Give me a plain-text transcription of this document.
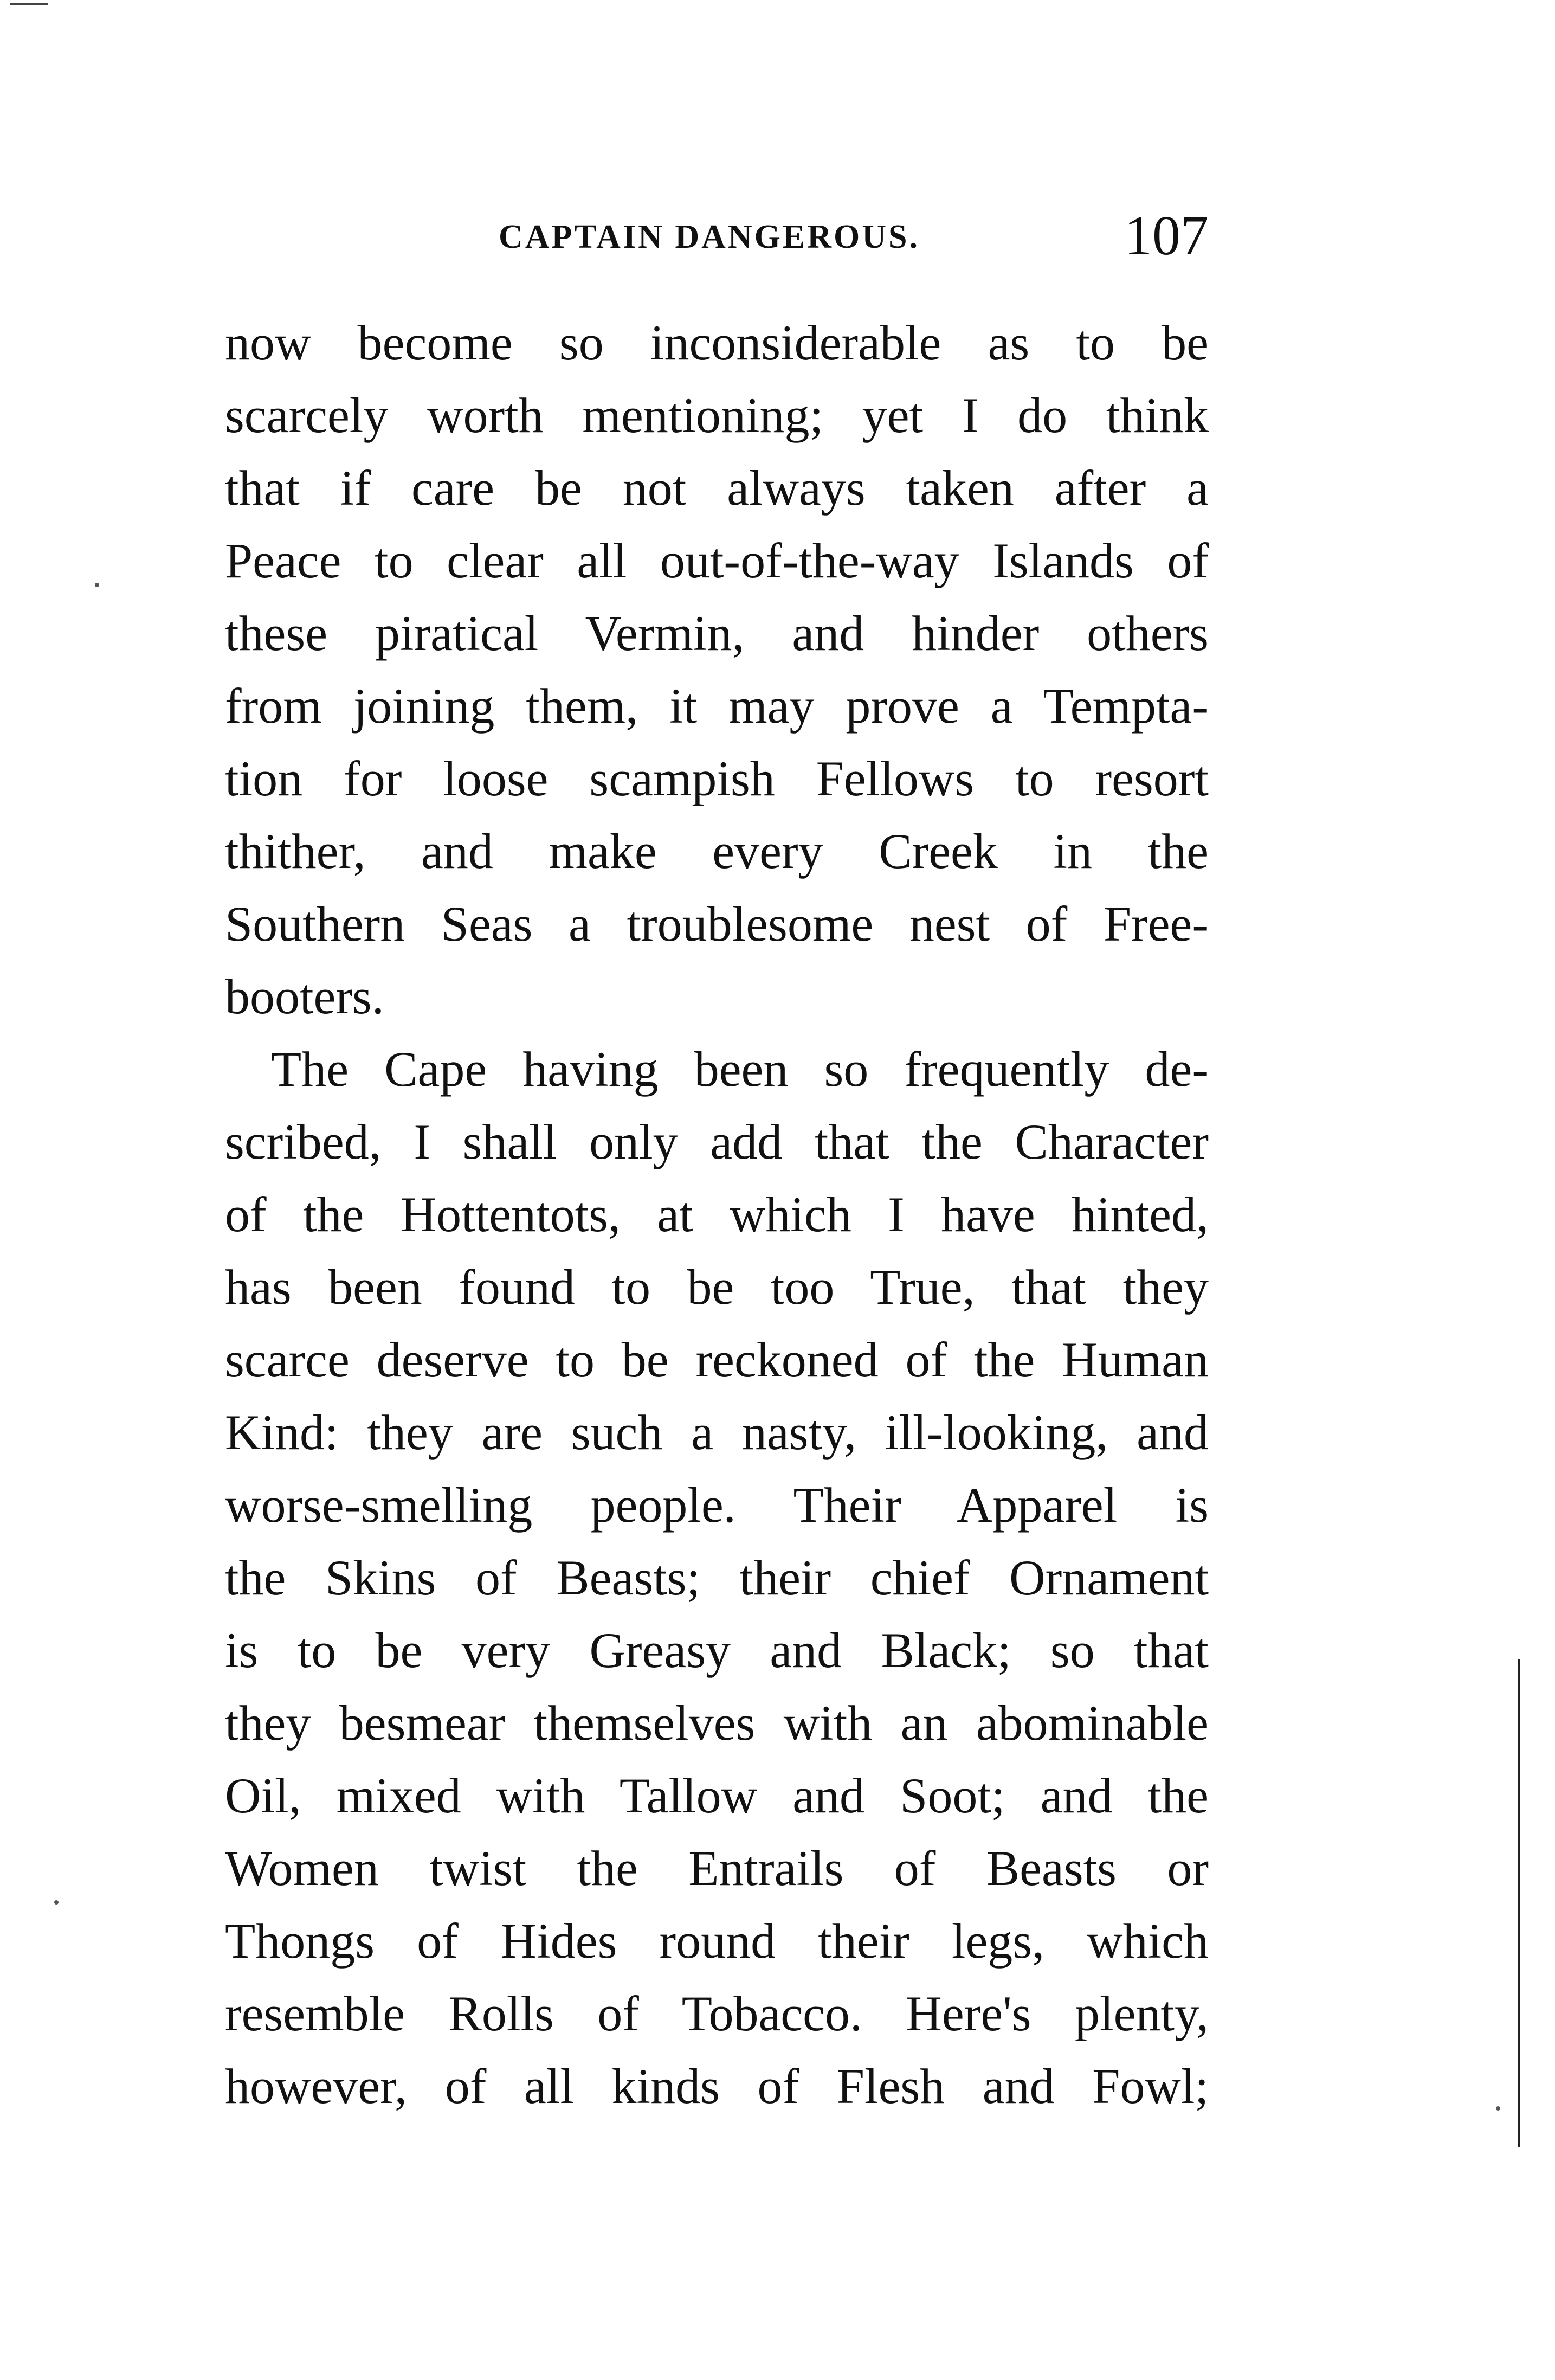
CAPTAIN DANGEROUS.	107
now become so inconsiderable as to be
scarcely worth mentioning; yet I do think
that if care be not always taken after a
Peace to clear all out-of-the-way Islands of
these piratical Vermin, and hinder others
from joining them, it may prove a Tempta-
tion for loose scampish Fellows to resort
thither, and make every Creek in the
Southern Seas a troublesome nest of Free-
booters.
The Cape having been so frequently de-
scribed, I shall only add that the Character
of the Hottentots, at which I have hinted,
has been found to be too True, that they
scarce deserve to be reckoned of the Human
Kind: they are such a nasty, ill-looking, and
worse-smelling people. Their Apparel is
the Skins of Beasts; their chief Ornament
is to be very Greasy and Black; so that
they besmear themselves with an abominable
Oil, mixed with Tallow and Soot; and the
Women twist the Entrails of Beasts or
Thongs of Hides round their legs, which
resemble Rolls of Tobacco. Here's plenty,
however, of all kinds of Flesh and Fowl;
